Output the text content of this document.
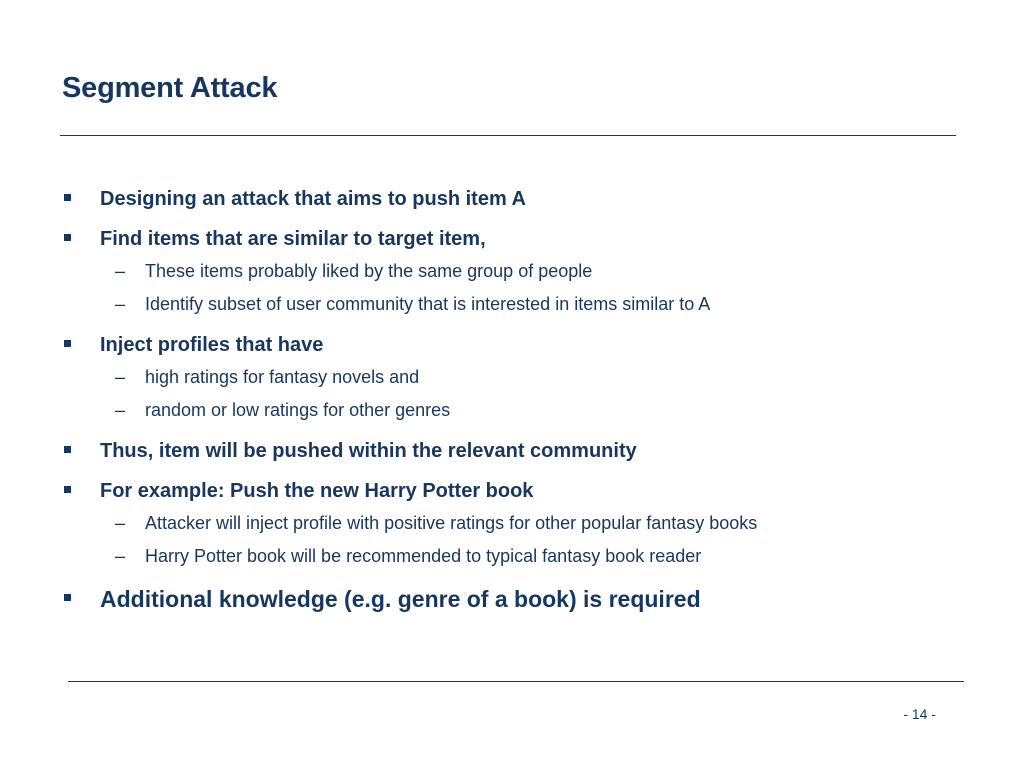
Segment Attack
Designing an attack that aims to push item A
Find items that are similar to target item,
– These items probably liked by the same group of people
– Identify subset of user community that is interested in items similar to A
Inject profiles that have
– high ratings for fantasy novels and
– random or low ratings for other genres
Thus, item will be pushed within the relevant community
For example: Push the new Harry Potter book
– Attacker will inject profile with positive ratings for other popular fantasy books
– Harry Potter book will be recommended to typical fantasy book reader
Additional knowledge (e.g. genre of a book) is required
- 14 -
